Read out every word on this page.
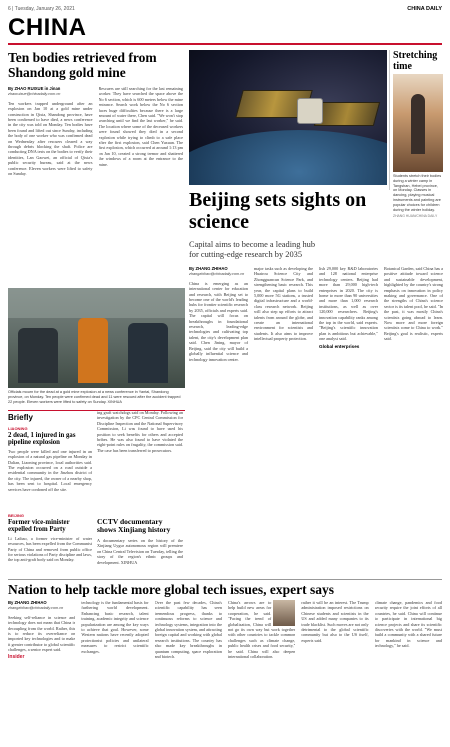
6 | Tuesday, January 26, 2021	CHINA DAILY
CHINA
Ten bodies retrieved from Shandong gold mine
By ZHAO RUIXUE in Jinan
zhaoruixue@chinadaily.com.cn

Ten workers trapped underground after an explosion on Jan 10 at a gold mine under construction in Qixia, Shandong province, have been confirmed to have died, a news conference in the city was told on Monday. Ten bodies have been found and lifted out since Sunday, including the body of one worker who was confirmed dead on Wednesday after rescuers cleared a way through debris blocking the shaft. Police are conducting DNA tests on the bodies to verify their identities, Lan Gaowei, an official of Qixia's public security bureau, said at the news conference. Eleven workers were lifted to safety on Sunday.

Rescuers are still searching for the last remaining worker. They have searched the space above the No 6 section, which is 600 meters below the mine entrance. Search work below the No 6 section faces huge difficulties because there is a large amount of water there, Chen said. "We won't stop searching until we find the last worker," he said. The location where some of the deceased workers were found showed they died in a second explosion while trying to climb to a safe place after the first explosion, said Chen Yuxuan. The first explosion, which occurred at around 1:13 pm on Jan 10, created a strong tremor and shattered the windows of a room at the entrance to the mine.

Officials mourn for the dead at a gold mine explosion at a news conference in Yantai, Shandong province, on Monday. Ten people were confirmed dead and 11 were rescued after the accident trapped 22 people. Eleven workers were lifted to safety on Sunday. XINHUA
Briefly
LIAONING
2 dead, 1 injured in gas pipeline explosion

Two people were killed and one injured in an explosion of a natural gas pipeline on Monday in Dalian, Liaoning province, local authorities said. The explosion occurred on a road outside a residential community in the Jinzhou district of the city. The injured, the owner of a nearby shop, has been sent to hospital. Local emergency services have cordoned off the site.

BEIJING
Former vice-minister expelled from Party

Li Laibao, a former vice-minister of water resources, has been expelled from the Communist Party of China and removed from public office for serious violations of Party discipline and laws, the top anti-graft body said on Monday.

ing graft watchdogs said on Monday. Following an investigation by the CPC Central Commission for Discipline Inspection and the National Supervisory Commission, Li was found to have used his position to seek benefits for others and accepted bribes. He was also found to have violated the eight-point rules on frugality, the commission said. The case has been transferred to prosecutors.
CCTV documentary shows Xinjiang history
A documentary series on the history of the Xinjiang Uygur autonomous region will premiere on China Central Television on Tuesday, telling the story of the region's ethnic groups and development. XINHUA
Stretching time
Students stretch their bodies during a winter camp in Tangshan, Hebei province, on Monday. Classes in dancing, playing musical instruments and painting are popular choices for children during the winter holiday.
ZHANG HUAN/CHINA DAILY
Beijing sets sights on science
Capital aims to become a leading hub for cutting-edge research by 2035
By ZHANG ZHIHAO
zhangzhihao@chinadaily.com.cn

China is emerging as an international center for education and research, with Beijing set to become one of the world's leading hubs for frontier scientific research by 2035, officials and experts said. The capital will focus on breakthroughs in foundational research, leading-edge technologies and cultivating top talent, the city's development plan said. Chen Jining, mayor of Beijing, said the city will build a globally influential science and technology innovation center.

major tasks such as developing the Huairou Science City and Zhongguancun Science Park, and strengthening basic research. This year, the capital plans to build 5,000 more 5G stations, a trusted digital infrastructure and a world-class research network. Beijing will also step up efforts to attract talents from around the globe, and create an international environment for scientists and students. It also aims to improve intellectual property protection.

lish 29,000 key R&D laboratories and 128 national enterprise technology centers. Beijing had more than 29,000 high-tech enterprises in 2020. The city is home to more than 90 universities and more than 1,000 research institutions, as well as over 120,000 researchers. Beijing's innovation capability ranks among the top in the world, said experts. "Beijing's scientific innovation plan is ambitious but achievable," one analyst said.

Global enterprises

Botanical Garden, said China has a positive attitude toward science and sustainable development, highlighted by the country's strong emphasis on innovation in policy making and governance. One of the strengths of China's science sector is its talent pool, he said. "In the past, it was mostly China's scientists going abroad to learn. Now more and more foreign scientists come to China to work." Beijing's goal is realistic, experts said.

Nation to help tackle more global tech issues, expert says
By ZHANG ZHIHAO
zhangzhihao@chinadaily.com.cn

Seeking self-reliance in science and technology does not mean that China is decoupling from the world. Rather, this is to reduce its overreliance on imported key technologies and to make it greater contributor to global scientific challenges, a senior expert said.

Insider

technology is the fundamental basis for furthering world development. Enhancing basic research, talent training, academic integrity and science popularization are among the key ways to achieve that goal. However, some Western nations have recently adopted protectionist policies and unilateral measures to restrict scientific exchanges.

Over the past few decades, China's scientific capability has seen tremendous progress, thanks to continuous reforms to science and technology systems, integration into the global innovation system, and attracting foreign capital and working with global research institutions. The country has also made key breakthroughs in quantum computing, space exploration and biotech.

China's arrows are to help build new areas for cooperation, he said. "Facing the trend of globalization, China will not go its own way but work together with other countries to tackle common challenges such as climate change, public health crises and food security," he said. China will also deepen international collaboration.

rather it will be an interest. The Trump administration imposed restrictions on Chinese students and scientists in the US and added many companies to its trade blacklist. Such moves are not only detrimental to the global scientific community but also to the US itself, experts said.

climate change, pandemics and food security require the joint efforts of all countries, he said. China will continue to participate in international big science projects and share its scientific discoveries with the world. "We must build a community with a shared future for mankind in science and technology," he said.
